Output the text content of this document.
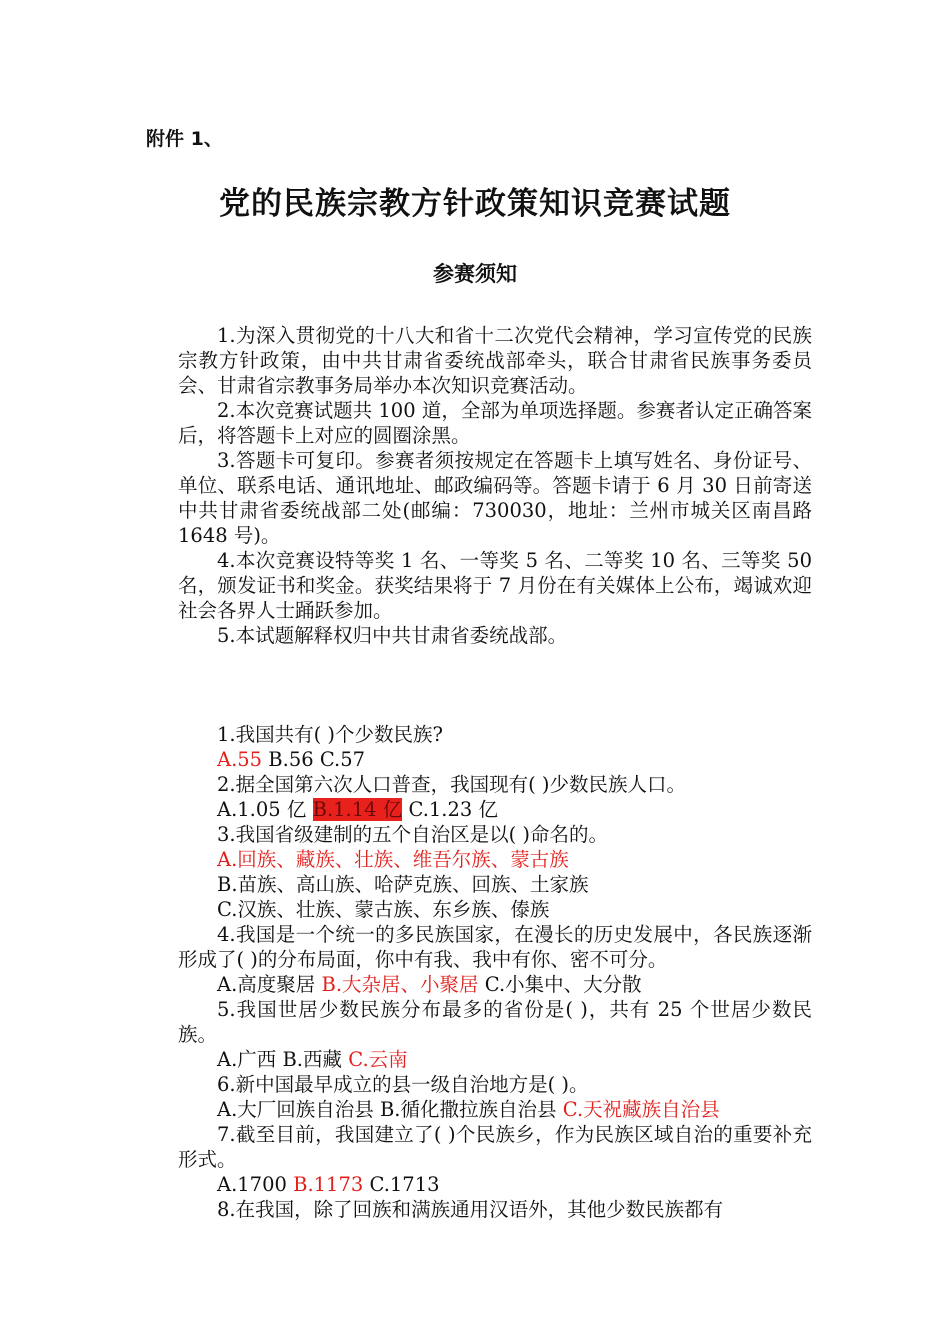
附件 1、
党的民族宗教方针政策知识竞赛试题
参赛须知

1.为深入贯彻党的十八大和省十二次党代会精神，学习宣传党的民族宗教方针政策，由中共甘肃省委统战部牵头，联合甘肃省民族事务委员会、甘肃省宗教事务局举办本次知识竞赛活动。

2.本次竞赛试题共 100 道，全部为单项选择题。参赛者认定正确答案后，将答题卡上对应的圆圈涂黑。

3.答题卡可复印。参赛者须按规定在答题卡上填写姓名、身份证号、单位、联系电话、通讯地址、邮政编码等。答题卡请于 6 月 30 日前寄送中共甘肃省委统战部二处(邮编：730030，地址：兰州市城关区南昌路 1648 号)。

4.本次竞赛设特等奖 1 名、一等奖 5 名、二等奖 10 名、三等奖 50 名，颁发证书和奖金。获奖结果将于 7 月份在有关媒体上公布，竭诚欢迎社会各界人士踊跃参加。

5.本试题解释权归中共甘肃省委统战部。

1.我国共有( )个少数民族?

A.55 B.56 C.57

2.据全国第六次人口普查，我国现有( )少数民族人口。

A.1.05 亿 B.1.14 亿 C.1.23 亿

3.我国省级建制的五个自治区是以( )命名的。

A.回族、藏族、壮族、维吾尔族、蒙古族

B.苗族、高山族、哈萨克族、回族、土家族

C.汉族、壮族、蒙古族、东乡族、傣族

4.我国是一个统一的多民族国家，在漫长的历史发展中，各民族逐渐形成了( )的分布局面，你中有我、我中有你、密不可分。

A.高度聚居 B.大杂居、小聚居 C.小集中、大分散

5.我国世居少数民族分布最多的省份是( )，共有 25 个世居少数民族。

A.广西 B.西藏 C.云南

6.新中国最早成立的县一级自治地方是( )。

A.大厂回族自治县 B.循化撒拉族自治县 C.天祝藏族自治县

7.截至目前，我国建立了( )个民族乡，作为民族区域自治的重要补充形式。

A.1700 B.1173 C.1713

8.在我国，除了回族和满族通用汉语外，其他少数民族都有
